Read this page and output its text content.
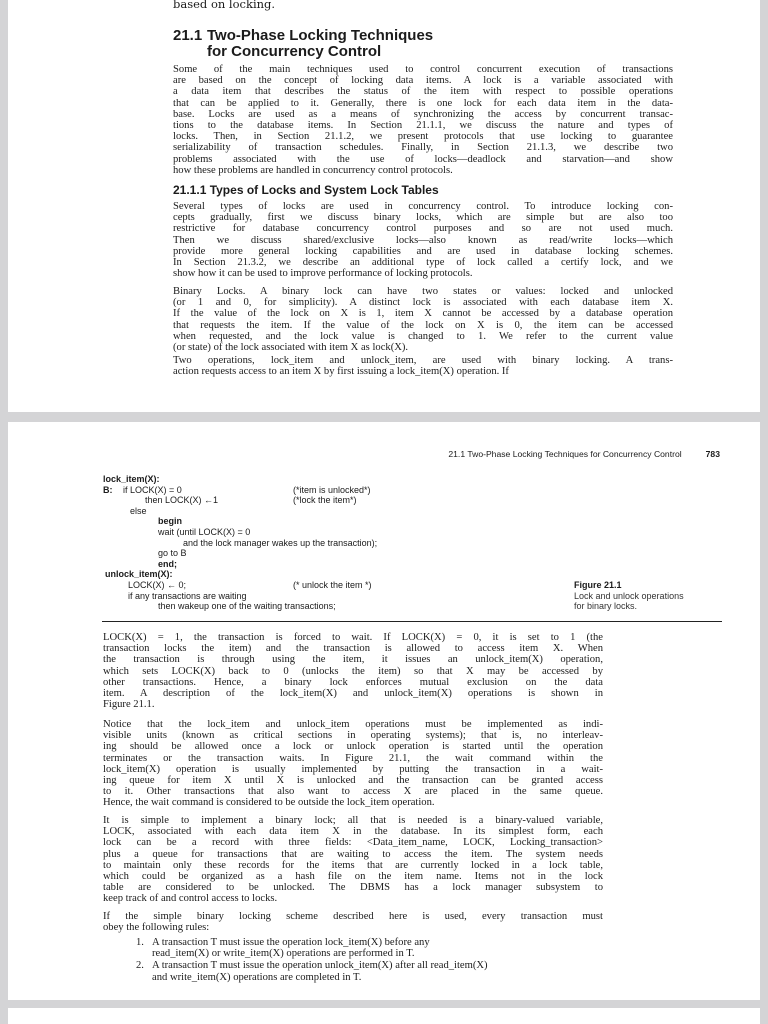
based on locking.
21.1 Two-Phase Locking Techniques
for Concurrency Control
Some of the main techniques used to control concurrent execution of transactions
are based on the concept of locking data items. A lock is a variable associated with
a data item that describes the status of the item with respect to possible operations
that can be applied to it. Generally, there is one lock for each data item in the data-
base. Locks are used as a means of synchronizing the access by concurrent transac-
tions to the database items. In Section 21.1.1, we discuss the nature and types of
locks. Then, in Section 21.1.2, we present protocols that use locking to guarantee
serializability of transaction schedules. Finally, in Section 21.1.3, we describe two
problems associated with the use of locks—deadlock and starvation—and show
how these problems are handled in concurrency control protocols.
21.1.1 Types of Locks and System Lock Tables
Several types of locks are used in concurrency control. To introduce locking con-
cepts gradually, first we discuss binary locks, which are simple but are also too
restrictive for database concurrency control purposes and so are not used much.
Then we discuss shared/exclusive locks—also known as read/write locks—which
provide more general locking capabilities and are used in database locking schemes.
In Section 21.3.2, we describe an additional type of lock called a certify lock, and we
show how it can be used to improve performance of locking protocols.
Binary Locks. A binary lock can have two states or values: locked and unlocked
(or 1 and 0, for simplicity). A distinct lock is associated with each database item X.
If the value of the lock on X is 1, item X cannot be accessed by a database operation
that requests the item. If the value of the lock on X is 0, the item can be accessed
when requested, and the lock value is changed to 1. We refer to the current value
(or state) of the lock associated with item X as lock(X).
Two operations, lock_item and unlock_item, are used with binary locking. A trans-
action requests access to an item X by first issuing a lock_item(X) operation. If
21.1 Two-Phase Locking Techniques for Concurrency Control	783
lock_item(X):
B: if LOCK(X) = 0	(*item is unlocked*)
then LOCK(X) ←1	(*lock the item*)
else
begin
wait (until LOCK(X) = 0
and the lock manager wakes up the transaction);
go to B
end;
unlock_item(X):
LOCK(X) ← 0;	(* unlock the item *)
if any transactions are waiting
then wakeup one of the waiting transactions;
Figure 21.1
Lock and unlock operations
for binary locks.
LOCK(X) = 1, the transaction is forced to wait. If LOCK(X) = 0, it is set to 1 (the
transaction locks the item) and the transaction is allowed to access item X. When
the transaction is through using the item, it issues an unlock_item(X) operation,
which sets LOCK(X) back to 0 (unlocks the item) so that X may be accessed by
other transactions. Hence, a binary lock enforces mutual exclusion on the data
item. A description of the lock_item(X) and unlock_item(X) operations is shown in
Figure 21.1.
Notice that the lock_item and unlock_item operations must be implemented as indi-
visible units (known as critical sections in operating systems); that is, no interleav-
ing should be allowed once a lock or unlock operation is started until the operation
terminates or the transaction waits. In Figure 21.1, the wait command within the
lock_item(X) operation is usually implemented by putting the transaction in a wait-
ing queue for item X until X is unlocked and the transaction can be granted access
to it. Other transactions that also want to access X are placed in the same queue.
Hence, the wait command is considered to be outside the lock_item operation.
It is simple to implement a binary lock; all that is needed is a binary-valued variable,
LOCK, associated with each data item X in the database. In its simplest form, each
lock can be a record with three fields: <Data_item_name, LOCK, Locking_transaction>
plus a queue for transactions that are waiting to access the item. The system needs
to maintain only these records for the items that are currently locked in a lock table,
which could be organized as a hash file on the item name. Items not in the lock
table are considered to be unlocked. The DBMS has a lock manager subsystem to
keep track of and control access to locks.
If the simple binary locking scheme described here is used, every transaction must
obey the following rules:
1. A transaction T must issue the operation lock_item(X) before any
read_item(X) or write_item(X) operations are performed in T.
2. A transaction T must issue the operation unlock_item(X) after all read_item(X)
and write_item(X) operations are completed in T.
